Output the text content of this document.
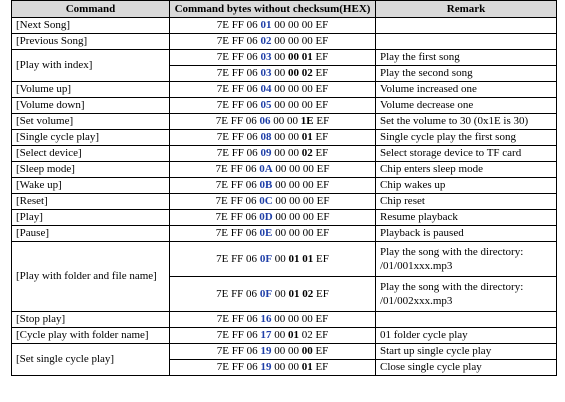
Command	Command bytes without checksum(HEX)	Remark
[Next Song]	7E FF 06 01 00 00 00 EF	
[Previous Song]	7E FF 06 02 00 00 00 EF	
[Play with index]	7E FF 06 03 00 00 01 EF	Play the first song
	7E FF 06 03 00 00 02 EF	Play the second song
[Volume up]	7E FF 06 04 00 00 00 EF	Volume increased one
[Volume down]	7E FF 06 05 00 00 00 EF	Volume decrease one
[Set volume]	7E FF 06 06 00 00 1E EF	Set the volume to 30 (0x1E is 30)
[Single cycle play]	7E FF 06 08 00 00 01 EF	Single cycle play the first song
[Select device]	7E FF 06 09 00 00 02 EF	Select storage device to TF card
[Sleep mode]	7E FF 06 0A 00 00 00 EF	Chip enters sleep mode
[Wake up]	7E FF 06 0B 00 00 00 EF	Chip wakes up
[Reset]	7E FF 06 0C 00 00 00 EF	Chip reset
[Play]	7E FF 06 0D 00 00 00 EF	Resume playback
[Pause]	7E FF 06 0E 00 00 00 EF	Playback is paused
[Play with folder and file name]	7E FF 06 0F 00 01 01 EF	Play the song with the directory: /01/001xxx.mp3
	7E FF 06 0F 00 01 02 EF	Play the song with the directory: /01/002xxx.mp3
[Stop play]	7E FF 06 16 00 00 00 EF	
[Cycle play with folder name]	7E FF 06 17 00 01 02 EF	01 folder cycle play
[Set single cycle play]	7E FF 06 19 00 00 00 EF	Start up single cycle play
	7E FF 06 19 00 00 01 EF	Close single cycle play
